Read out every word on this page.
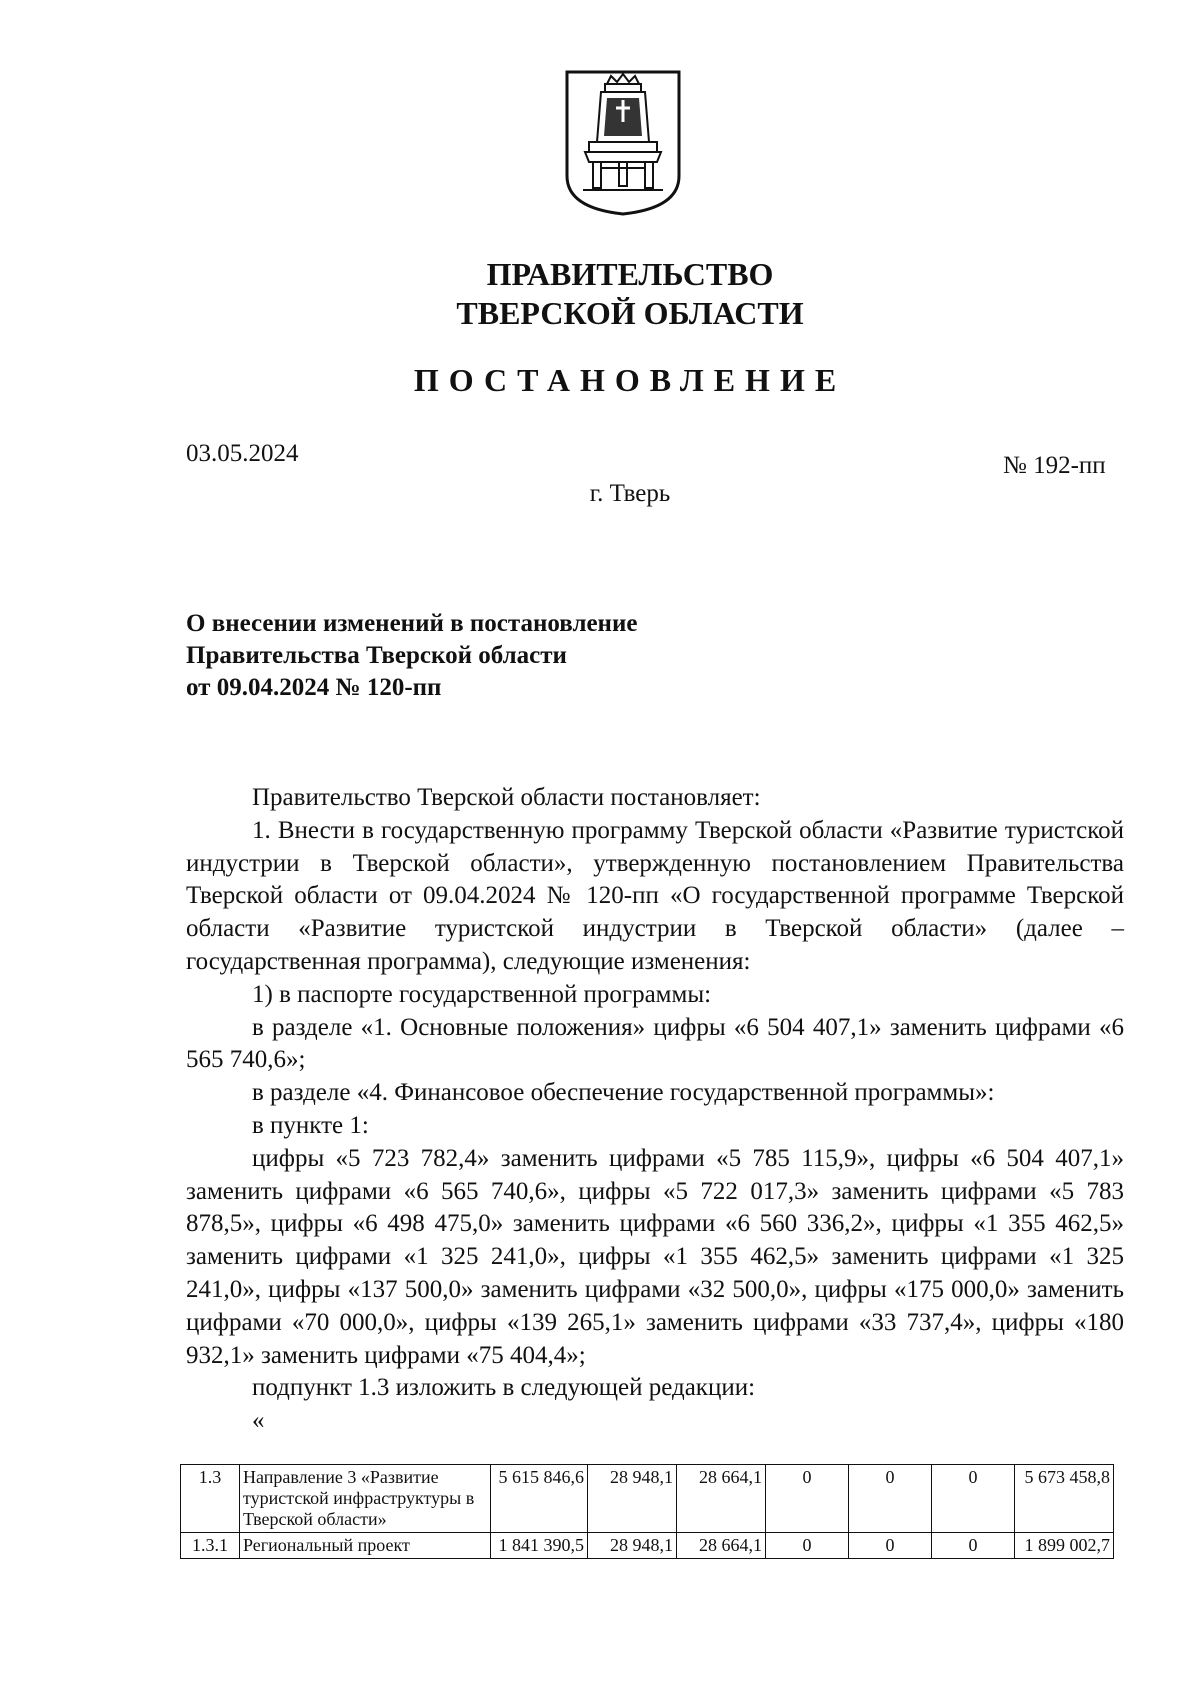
ПРАВИТЕЛЬСТВО
ТВЕРСКОЙ ОБЛАСТИ
ПОСТАНОВЛЕНИЕ
03.05.2024	№ 192-пп
г. Тверь
О внесении изменений в постановление
Правительства Тверской области
от 09.04.2024 № 120-пп

Правительство Тверской области постановляет:

1. Внести в государственную программу Тверской области «Развитие туристской индустрии в Тверской области», утвержденную постановлением Правительства Тверской области от 09.04.2024 № 120-пп «О государственной программе Тверской области «Развитие туристской индустрии в Тверской области» (далее – государственная программа), следующие изменения:

1) в паспорте государственной программы:

в разделе «1. Основные положения» цифры «6 504 407,1» заменить цифрами «6 565 740,6»;

в разделе «4. Финансовое обеспечение государственной программы»:

в пункте 1:

цифры «5 723 782,4» заменить цифрами «5 785 115,9», цифры «6 504 407,1» заменить цифрами «6 565 740,6», цифры «5 722 017,3» заменить цифрами «5 783 878,5», цифры «6 498 475,0» заменить цифрами «6 560 336,2», цифры «1 355 462,5» заменить цифрами «1 325 241,0», цифры «1 355 462,5» заменить цифрами «1 325 241,0», цифры «137 500,0» заменить цифрами «32 500,0», цифры «175 000,0» заменить цифрами «70 000,0», цифры «139 265,1» заменить цифрами «33 737,4», цифры «180 932,1» заменить цифрами «75 404,4»;

подпункт 1.3 изложить в следующей редакции:

«

1.3	Направление 3 «Развитие туристской инфраструктуры в Тверской области»	5 615 846,6	28 948,1	28 664,1	0	0	0	5 673 458,8
1.3.1	Региональный проект	1 841 390,5	28 948,1	28 664,1	0	0	0	1 899 002,7
